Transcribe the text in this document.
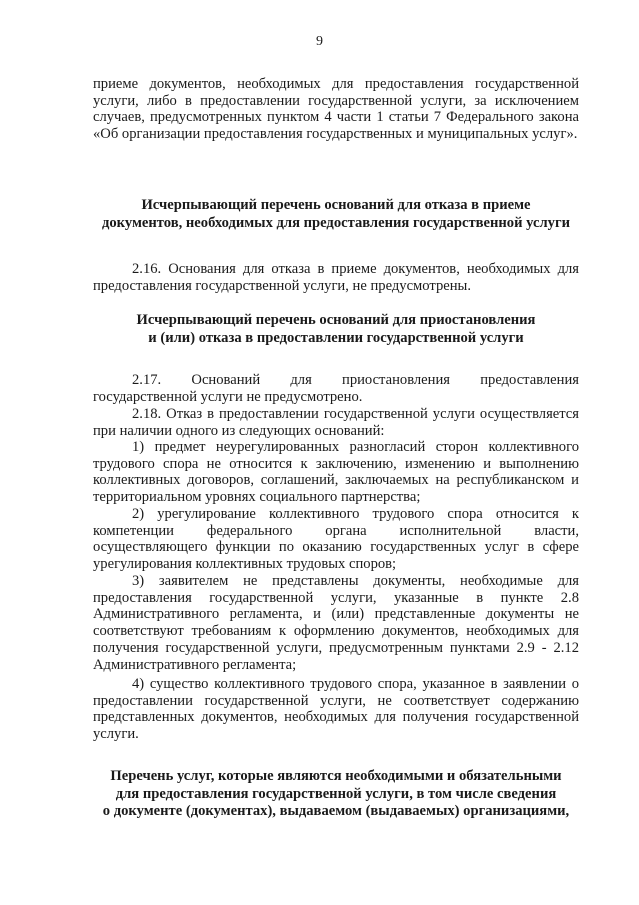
9

приеме документов, необходимых для предоставления государственной услуги, либо в предоставлении государственной услуги, за исключением случаев, предусмотренных пунктом 4 части 1 статьи 7 Федерального закона «Об организации предоставления государственных и муниципальных услуг».

Исчерпывающий перечень оснований для отказа в приеме
документов, необходимых для предоставления государственной услуги

2.16. Основания для отказа в приеме документов, необходимых для предоставления государственной услуги, не предусмотрены.

Исчерпывающий перечень оснований для приостановления
и (или) отказа в предоставлении государственной услуги

2.17. Оснований для приостановления предоставления государственной услуги не предусмотрено.

2.18. Отказ в предоставлении государственной услуги осуществляется при наличии одного из следующих оснований:

1) предмет неурегулированных разногласий сторон коллективного трудового спора не относится к заключению, изменению и выполнению коллективных договоров, соглашений, заключаемых на республиканском и территориальном уровнях социального партнерства;

2) урегулирование коллективного трудового спора относится к компетенции федерального органа исполнительной власти, осуществляющего функции по оказанию государственных услуг в сфере урегулирования коллективных трудовых споров;

3) заявителем не представлены документы, необходимые для предоставления государственной услуги, указанные в пункте 2.8 Административного регламента, и (или) представленные документы не соответствуют требованиям к оформлению документов, необходимых для получения государственной услуги, предусмотренным пунктами 2.9 - 2.12 Административного регламента;

4) существо коллективного трудового спора, указанное в заявлении о предоставлении государственной услуги, не соответствует содержанию представленных документов, необходимых для получения государственной услуги.

Перечень услуг, которые являются необходимыми и обязательными
для предоставления государственной услуги, в том числе сведения
о документе (документах), выдаваемом (выдаваемых) организациями,
